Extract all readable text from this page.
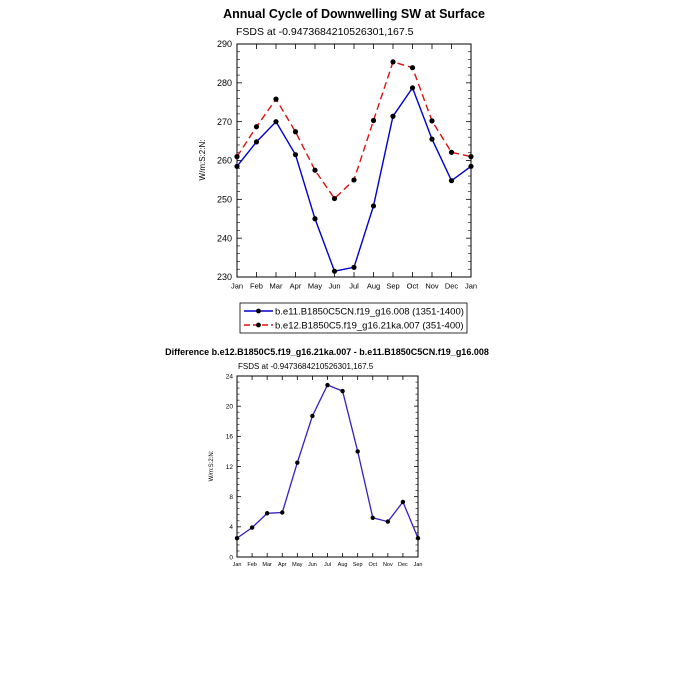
Annual Cycle of Downwelling SW at Surface
FSDS at -0.9473684210526301,167.5
W/m:S:2:N:
230
240
250
260
270
280
290
Jan Feb Mar Apr May Jun Jul Aug Sep Oct Nov Dec Jan
b.e11.B1850C5CN.f19_g16.008 (1351-1400)
b.e12.B1850C5.f19_g16.21ka.007 (351-400)
Difference b.e12.B1850C5.f19_g16.21ka.007 - b.e11.B1850C5CN.f19_g16.008
FSDS at -0.9473684210526301,167.5
W/m:S:2:N:
0
4
8
12
16
20
24
Jan Feb Mar Apr May Jun Jul Aug Sep Oct Nov Dec Jan
